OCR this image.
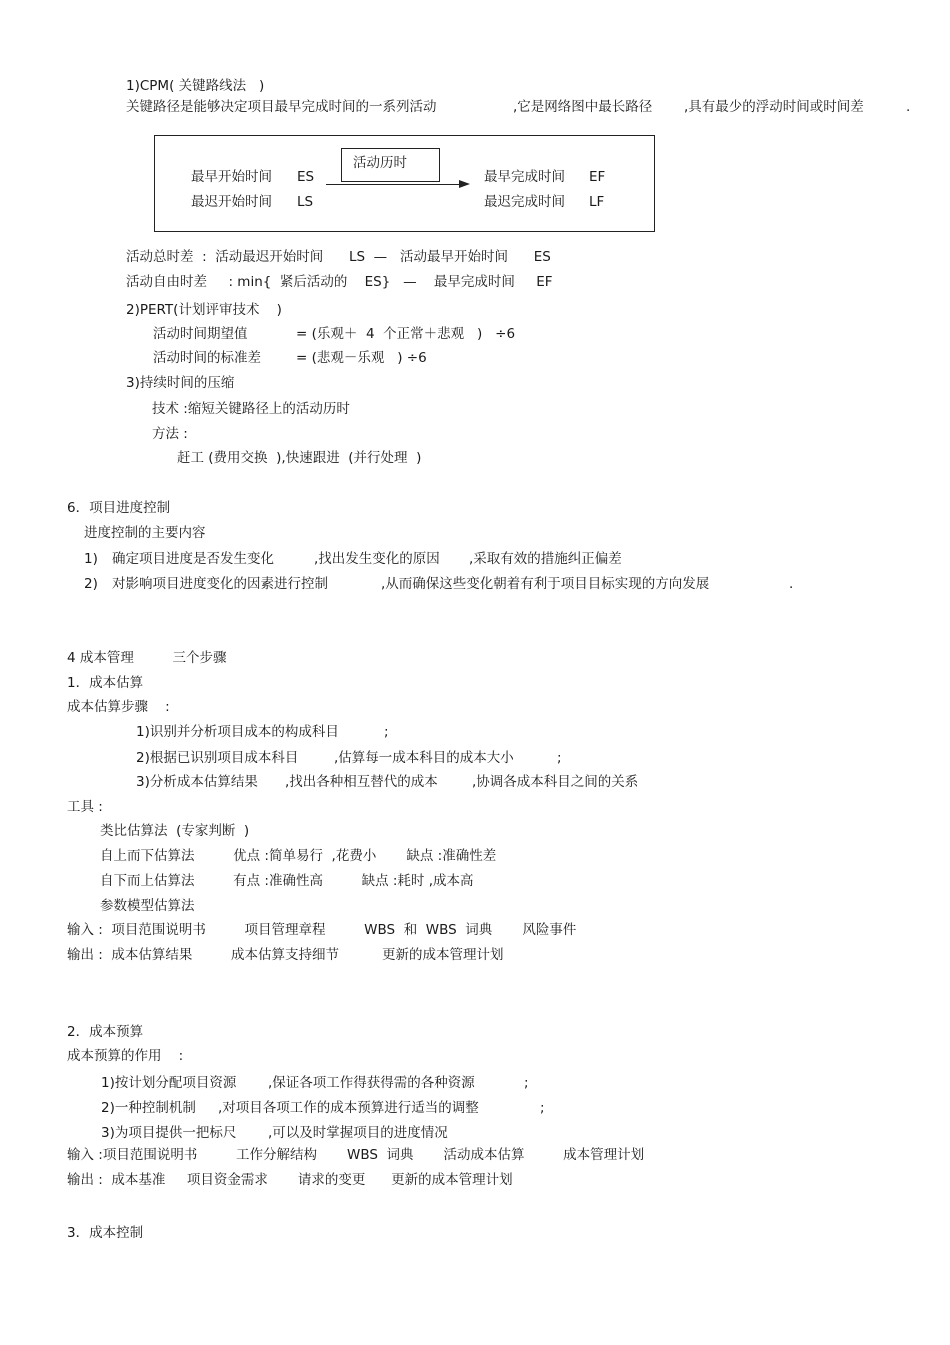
1)CPM( 关键路线法   )
关键路径是能够决定项目最早完成时间的一系列活动	,它是网络图中最长路径 ,具有最少的浮动时间或时间差	.
活动历时
最早开始时间 ES
最迟开始时间 LS
最早完成时间 EF
最迟完成时间 LF
活动总时差  :  活动最迟开始时间      LS  —   活动最早开始时间      ES
活动自由时差     : min{  紧后活动的    ES}   —    最早完成时间     EF
2)PERT(计划评审技术    )
活动时间期望值	= (乐观＋  4  个正常＋悲观   )   ÷6
活动时间的标准差	= (悲观－乐观   ) ÷6
3)持续时间的压缩
技术 :缩短关键路径上的活动历时
方法 :
赶工 (费用交换  ),快速跟进  (并行处理  )
6．项目进度控制
进度控制的主要内容
1) 确定项目进度是否发生变化	,找出发生变化的原因 ,采取有效的措施纠正偏差
2) 对影响项目进度变化的因素进行控制	,从而确保这些变化朝着有利于项目目标实现的方向发展	.
4 成本管理         三个步骤
1．成本估算
成本估算步骤    :
1)识别并分析项目成本的构成科目	;
2)根据已识别项目成本科目	,估算每一成本科目的成本大小	;
3)分析成本估算结果 ,找出各种相互替代的成本	,协调各成本科目之间的关系
工具 :
类比估算法  (专家判断  )
自上而下估算法         优点 :简单易行  ,花费小       缺点 :准确性差
自下而上估算法         有点 :准确性高         缺点 :耗时 ,成本高
参数模型估算法
输入 :  项目范围说明书         项目管理章程         WBS  和  WBS  词典       风险事件
输出 :  成本估算结果         成本估算支持细节          更新的成本管理计划
2．成本预算
成本预算的作用    :
1)按计划分配项目资源 ,保证各项工作得获得需的各种资源	;
2)一种控制机制 ,对项目各项工作的成本预算进行适当的调整	;
3)为项目提供一把标尺 ,可以及时掌握项目的进度情况
输入 :项目范围说明书         工作分解结构       WBS  词典       活动成本估算         成本管理计划
输出 :  成本基准     项目资金需求       请求的变更      更新的成本管理计划
3．成本控制
